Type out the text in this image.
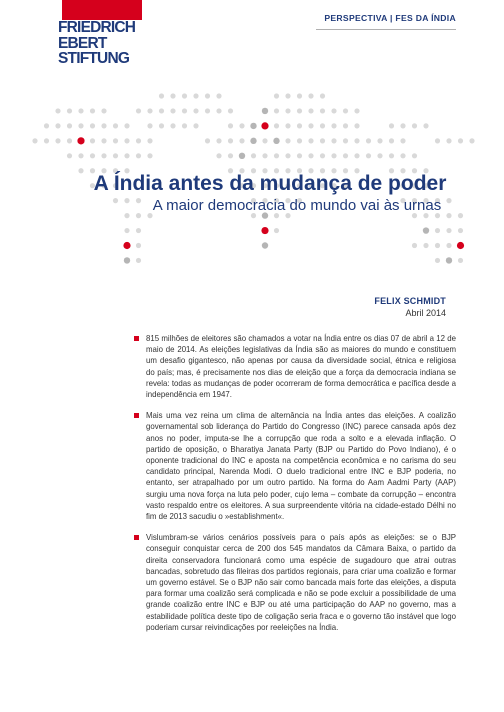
FRIEDRICH
EBERT
STIFTUNG
PERSPECTIVA | FES DA ÍNDIA
A Índia antes da mudança de poder
A maior democracia do mundo vai às urnas
FELIX SCHMIDT
Abril 2014
815 milhões de eleitores são chamados a votar na Índia entre os dias 07 de abril a 12 de maio de 2014. As eleições legislativas da Índia são as maiores do mundo e constituem um desafio gigantesco, não apenas por causa da diversidade social, étnica e religiosa do país; mas, é precisamente nos dias de eleição que a força da democracia indiana se revela: todas as mudanças de poder ocorreram de forma democrática e pacífica desde a independência em 1947.
Mais uma vez reina um clima de alternância na Índia antes das eleições. A coalizão governamental sob liderança do Partido do Congresso (INC) parece cansada após dez anos no poder, imputa-se lhe a corrupção que roda a solto e a elevada inflação. O partido de oposição, o Bharatiya Janata Party (BJP ou Partido do Povo Indiano), é o oponente tradicional do INC e aposta na competência econômica e no carisma do seu candidato principal, Narenda Modi. O duelo tradicional entre INC e BJP poderia, no entanto, ser atrapalhado por um outro partido. Na forma do Aam Aadmi Party (AAP) surgiu uma nova força na luta pelo poder, cujo lema – combate da corrupção – encontra vasto respaldo entre os eleitores. A sua surpreendente vitória na cidade-estado Délhi no fim de 2013 sacudiu o »establishment«.
Vislumbram-se vários cenários possíveis para o país após as eleições: se o BJP conseguir conquistar cerca de 200 dos 545 mandatos da Câmara Baixa, o partido da direita conservadora funcionará como uma espécie de sugadouro que atrai outras bancadas, sobretudo das fileiras dos partidos regionais, para criar uma coalizão e formar um governo estável. Se o BJP não sair como bancada mais forte das eleições, a disputa para formar uma coalizão será complicada e não se pode excluir a possibilidade de uma grande coalizão entre INC e BJP ou até uma participação do AAP no governo, mas a estabilidade política deste tipo de coligação seria fraca e o governo tão instável que logo poderiam cursar reivindicações por reeleições na Índia.
